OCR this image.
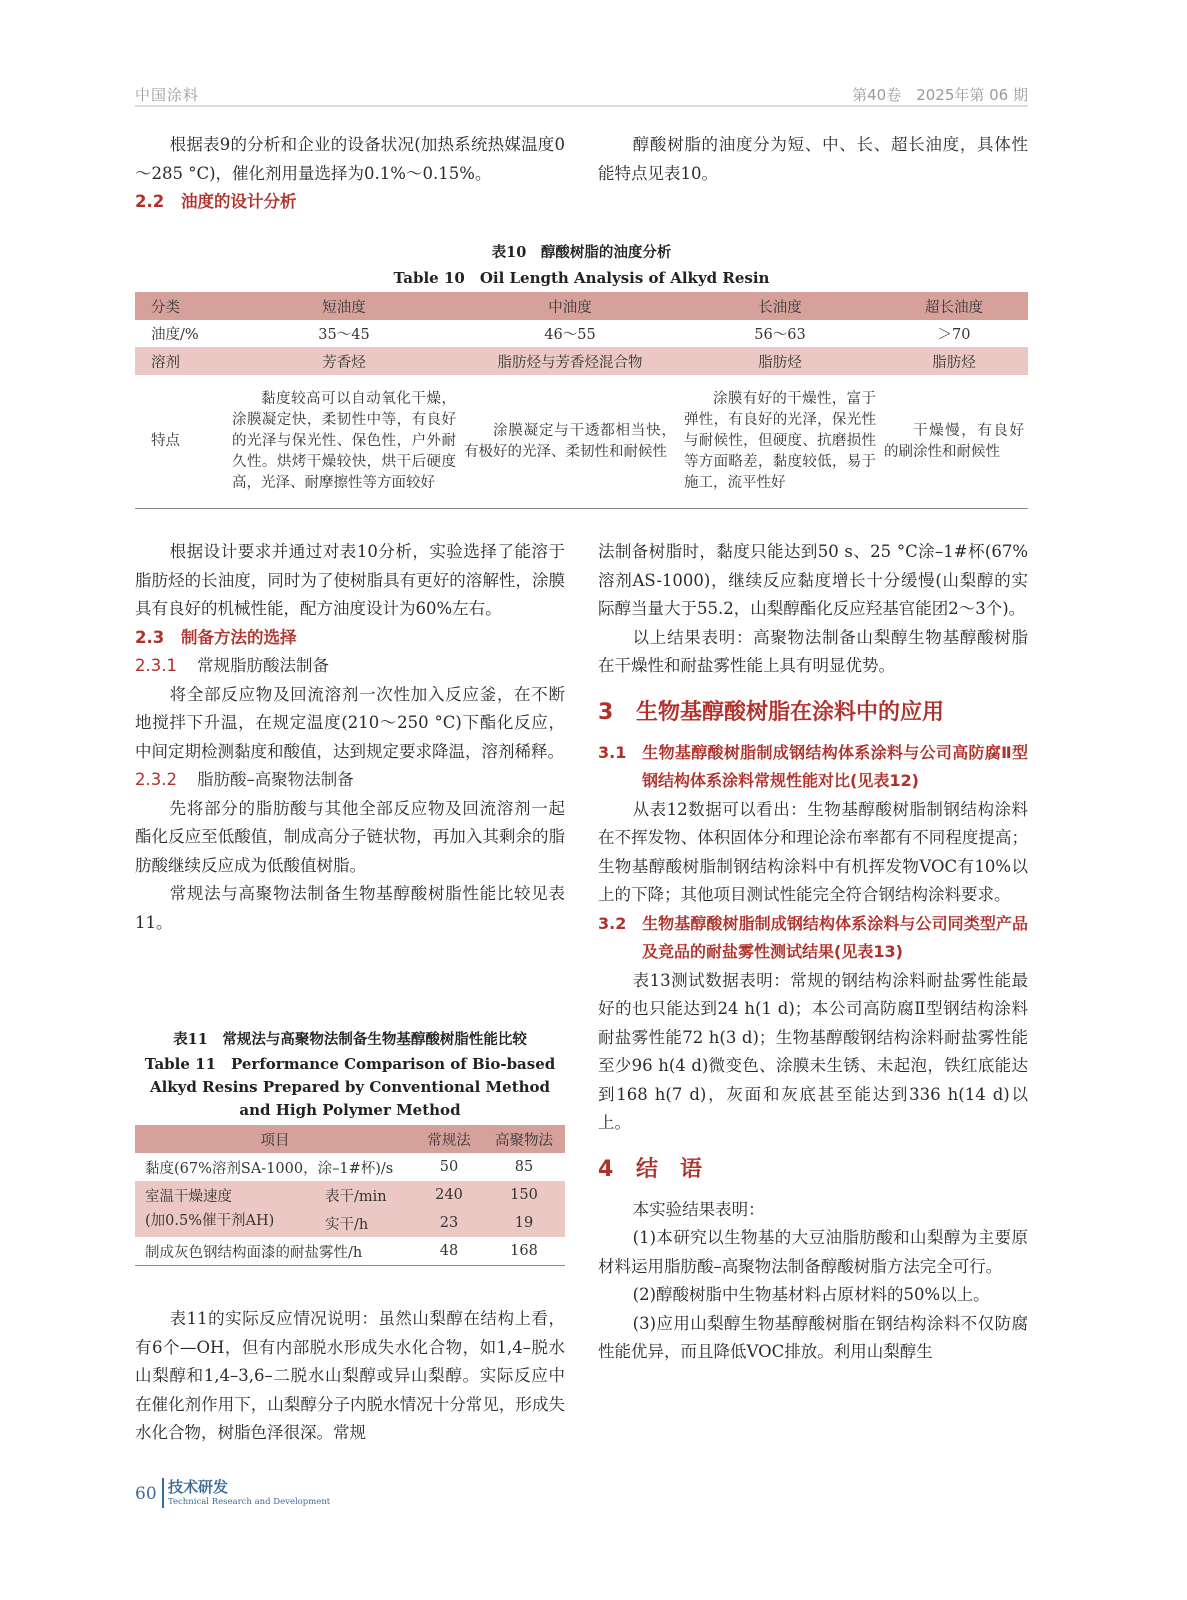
中国涂料	第40卷　2025年第 06 期

根据表9的分析和企业的设备状况(加热系统热媒温度0～285 °C)，催化剂用量选择为0.1%～0.15%。

2.2 油度的设计分析

醇酸树脂的油度分为短、中、长、超长油度，具体性能特点见表10。

表10　醇酸树脂的油度分析
Table 10　Oil Length Analysis of Alkyd Resin
分类	短油度	中油度	长油度	超长油度
油度/%	35～45	46～55	56～63	＞70
溶剂	芳香烃	脂肪烃与芳香烃混合物	脂肪烃	脂肪烃
特点	黏度较高可以自动氧化干燥，涂膜凝定快，柔韧性中等，有良好的光泽与保光性、保色性，户外耐久性。烘烤干燥较快，烘干后硬度高，光泽、耐摩擦性等方面较好	涂膜凝定与干透都相当快，有极好的光泽、柔韧性和耐候性	涂膜有好的干燥性，富于弹性，有良好的光泽，保光性与耐候性，但硬度、抗磨损性等方面略差，黏度较低，易于施工，流平性好	干燥慢，有良好的刷涂性和耐候性

根据设计要求并通过对表10分析，实验选择了能溶于脂肪烃的长油度，同时为了使树脂具有更好的溶解性，涂膜具有良好的机械性能，配方油度设计为60%左右。

2.3 制备方法的选择
2.3.1 常规脂肪酸法制备

将全部反应物及回流溶剂一次性加入反应釜，在不断地搅拌下升温，在规定温度(210～250 °C)下酯化反应，中间定期检测黏度和酸值，达到规定要求降温，溶剂稀释。

2.3.2 脂肪酸–高聚物法制备

先将部分的脂肪酸与其他全部反应物及回流溶剂一起酯化反应至低酸值，制成高分子链状物，再加入其剩余的脂肪酸继续反应成为低酸值树脂。

常规法与高聚物法制备生物基醇酸树脂性能比较见表11。

表11　常规法与高聚物法制备生物基醇酸树脂性能比较
Table 11　Performance Comparison of Bio-based Alkyd Resins Prepared by Conventional Method and High Polymer Method
项目		常规法	高聚物法
黏度(67%溶剂SA-1000，涂–1#杯)/s		50	85
室温干燥速度
(加0.5%催干剂AH)	表干/min	240	150
	实干/h	23	19
制成灰色钢结构面漆的耐盐雾性/h		48	168

表11的实际反应情况说明：虽然山梨醇在结构上看，有6个—OH，但有内部脱水形成失水化合物，如1,4–脱水山梨醇和1,4–3,6–二脱水山梨醇或异山梨醇。实际反应中在催化剂作用下，山梨醇分子内脱水情况十分常见，形成失水化合物，树脂色泽很深。常规

法制备树脂时，黏度只能达到50 s、25 °C涂–1#杯(67%溶剂AS-1000)，继续反应黏度增长十分缓慢(山梨醇的实际醇当量大于55.2，山梨醇酯化反应羟基官能团2～3个)。

以上结果表明：高聚物法制备山梨醇生物基醇酸树脂在干燥性和耐盐雾性能上具有明显优势。

3 生物基醇酸树脂在涂料中的应用
3.1 生物基醇酸树脂制成钢结构体系涂料与公司高防腐Ⅱ型钢结构体系涂料常规性能对比(见表12)

从表12数据可以看出：生物基醇酸树脂制钢结构涂料在不挥发物、体积固体分和理论涂布率都有不同程度提高；生物基醇酸树脂制钢结构涂料中有机挥发物VOC有10%以上的下降；其他项目测试性能完全符合钢结构涂料要求。

3.2 生物基醇酸树脂制成钢结构体系涂料与公司同类型产品及竞品的耐盐雾性测试结果(见表13)

表13测试数据表明：常规的钢结构涂料耐盐雾性能最好的也只能达到24 h(1 d)；本公司高防腐Ⅱ型钢结构涂料耐盐雾性能72 h(3 d)；生物基醇酸钢结构涂料耐盐雾性能至少96 h(4 d)微变色、涂膜未生锈、未起泡，铁红底能达到168 h(7 d)，灰面和灰底甚至能达到336 h(14 d)以上。

4 结　语

本实验结果表明：

(1)本研究以生物基的大豆油脂肪酸和山梨醇为主要原材料运用脂肪酸–高聚物法制备醇酸树脂方法完全可行。

(2)醇酸树脂中生物基材料占原材料的50%以上。

(3)应用山梨醇生物基醇酸树脂在钢结构涂料不仅防腐性能优异，而且降低VOC排放。利用山梨醇生

60 技术研发
Technical Research and Development
